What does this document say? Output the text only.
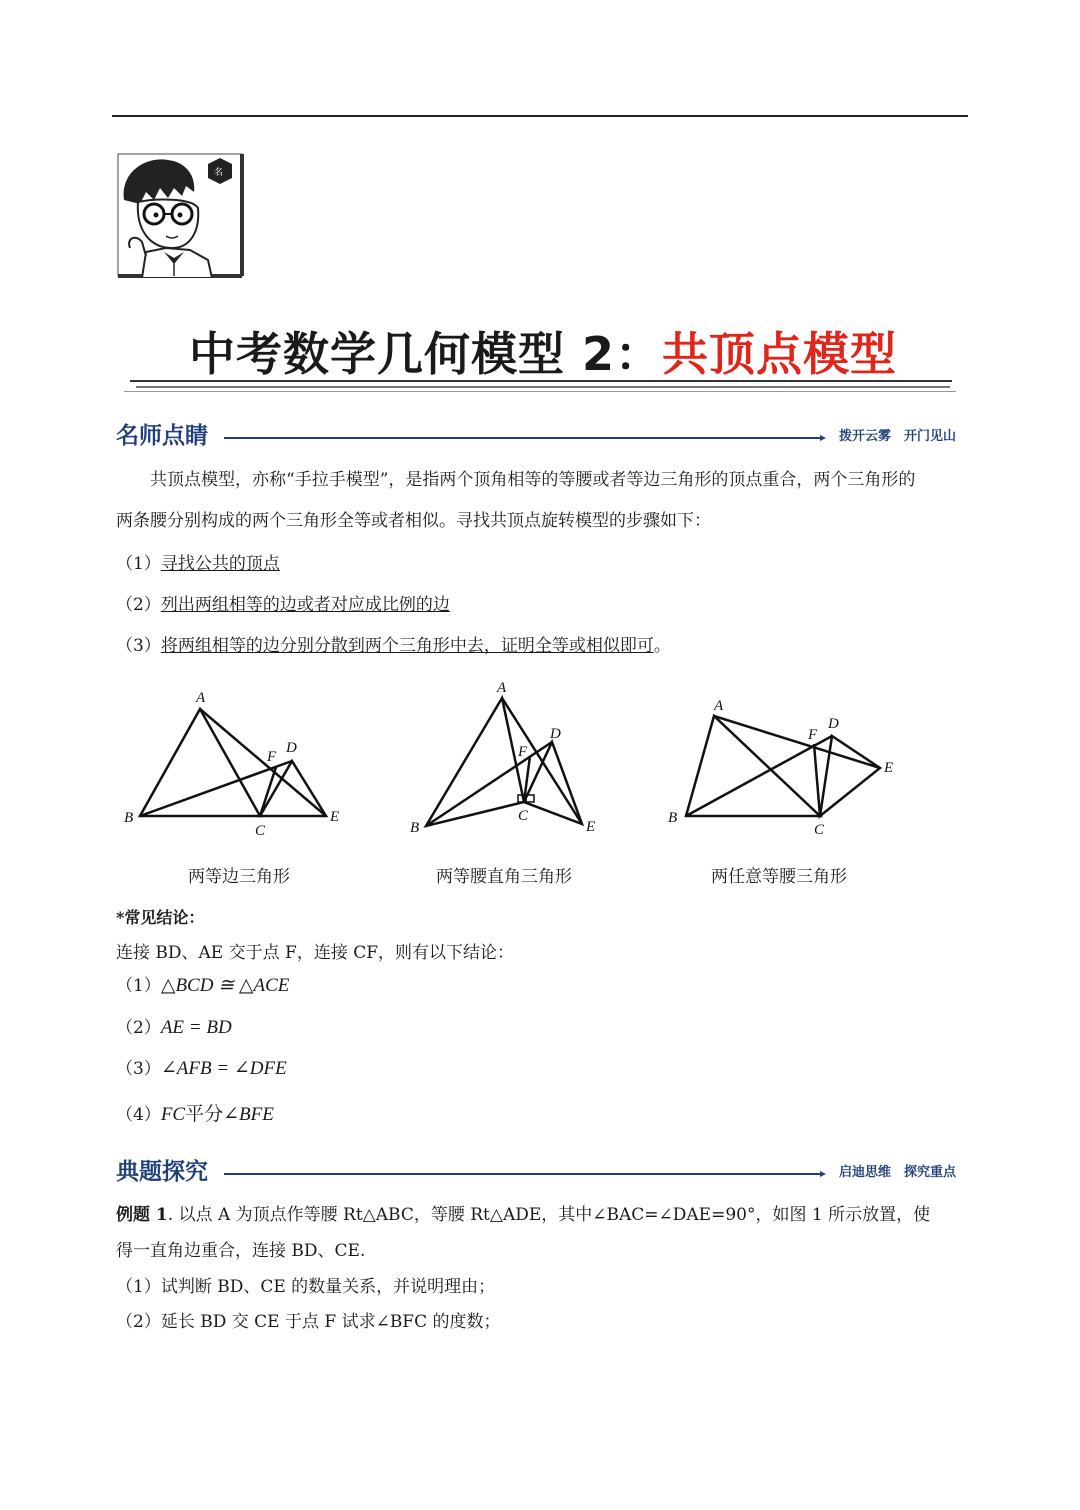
名
中考数学几何模型 2：共顶点模型
名师点睛	拨开云雾　开门见山
共顶点模型，亦称“手拉手模型”，是指两个顶角相等的等腰或者等边三角形的顶点重合，两个三角形的
两条腰分别构成的两个三角形全等或者相似。寻找共顶点旋转模型的步骤如下：
（1）寻找公共的顶点
（2）列出两组相等的边或者对应成比例的边
（3）将两组相等的边分别分散到两个三角形中去，证明全等或相似即可。
A
B
C
D
E
F
两等边三角形
A
B
C
D
E
F
两等腰直角三角形
A
B
C
D
E
F
两任意等腰三角形
*常见结论：
连接 BD、AE 交于点 F，连接 CF，则有以下结论：
（1）△BCD ≅ △ACE
（2）AE = BD
（3）∠AFB = ∠DFE
（4）FC平分∠BFE
典题探究	启迪思维　探究重点
例题 1. 以点 A 为顶点作等腰 Rt△ABC，等腰 Rt△ADE，其中∠BAC=∠DAE=90°，如图 1 所示放置，使
得一直角边重合，连接 BD、CE.
（1）试判断 BD、CE 的数量关系，并说明理由；
（2）延长 BD 交 CE 于点 F 试求∠BFC 的度数；
